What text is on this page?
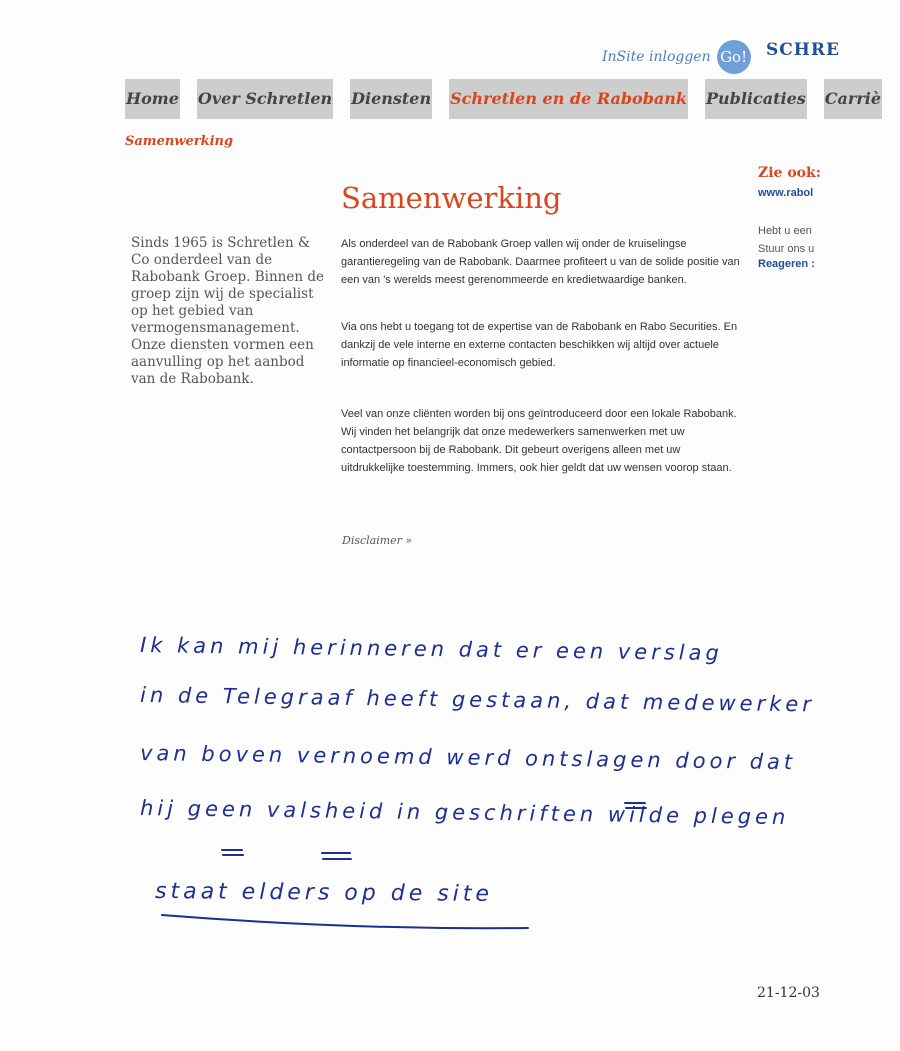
InSite inloggen Go! SCHRE
Home Over Schretlen Diensten Schretlen en de Rabobank Publicaties Carriè
Samenwerking
Zie ook:
www.rabol
Hebt u een
Stuur ons u
Reageren :
Sinds 1965 is Schretlen & Co onderdeel van de Rabobank Groep. Binnen de groep zijn wij de specialist op het gebied van vermogensmanagement. Onze diensten vormen een aanvulling op het aanbod van de Rabobank.
Samenwerking
Als onderdeel van de Rabobank Groep vallen wij onder de kruiselingse garantieregeling van de Rabobank. Daarmee profiteert u van de solide positie van een van 's werelds meest gerenommeerde en kredietwaardige banken.
Via ons hebt u toegang tot de expertise van de Rabobank en Rabo Securities. En dankzij de vele interne en externe contacten beschikken wij altijd over actuele informatie op financieel-economisch gebied.
Veel van onze cliënten worden bij ons geïntroduceerd door een lokale Rabobank. Wij vinden het belangrijk dat onze medewerkers samenwerken met uw contactpersoon bij de Rabobank. Dit gebeurt overigens alleen met uw uitdrukkelijke toestemming. Immers, ook hier geldt dat uw wensen voorop staan.
Disclaimer »
Ik kan mij herinneren dat er een verslag
in de Telegraaf heeft gestaan, dat medewerker
van boven vernoemd werd ontslagen door dat
hij geen valsheid in geschriften wilde plegen
staat elders op de site
21-12-03
